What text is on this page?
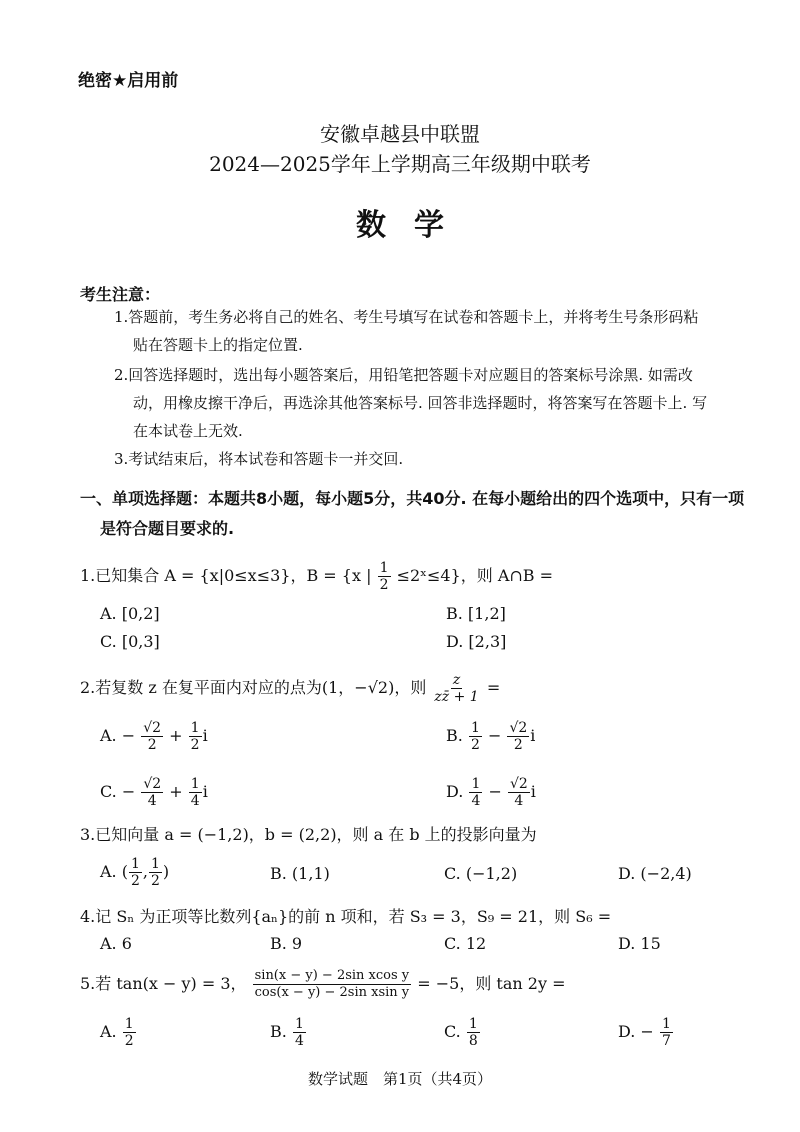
绝密★启用前
安徽卓越县中联盟
2024—2025学年上学期高三年级期中联考
数学
考生注意：
1.答题前，考生务必将自己的姓名、考生号填写在试卷和答题卡上，并将考生号条形码粘
贴在答题卡上的指定位置.
2.回答选择题时，选出每小题答案后，用铅笔把答题卡对应题目的答案标号涂黑. 如需改
动，用橡皮擦干净后，再选涂其他答案标号. 回答非选择题时，将答案写在答题卡上. 写
在本试卷上无效.
3.考试结束后，将本试卷和答题卡一并交回.
一、单项选择题：本题共8小题，每小题5分，共40分. 在每小题给出的四个选项中，只有一项
是符合题目要求的.
1.已知集合 A = {x|0≤x≤3}，B = {x | $\frac{1}{2}$ ≤2ˣ≤4}，则 A∩B =
A. [0,2]	B. [1,2]
C. [0,3]	D. [2,3]
2.若复数 z 在复平面内对应的点为(1，−√2)，则 $\frac{z}{zz̄ + 1}$ =
A. − $\frac{√2}{2} + \frac{1}{2}$ i	B. $\frac{1}{2} - \frac{√2}{2}$ i
C. − $\frac{√2}{4} + \frac{1}{4}$ i	D. $\frac{1}{4} - \frac{√2}{4}$ i
3.已知向量 a = (−1,2)，b = (2,2)，则 a 在 b 上的投影向量为
A. ( $\frac{1}{2}$ , $\frac{1}{2}$ )	B. (1,1)	C. (−1,2)	D. (−2,4)
4.记 Sₙ 为正项等比数列{aₙ}的前 n 项和，若 S₃ = 3，S₉ = 21，则 S₆ =
A. 6	B. 9	C. 12	D. 15
5.若 tan(x − y) = 3， $\frac{\text{sin(x − y) − 2sin xcos y}}{\text{cos(x − y) − 2sin xsin y}} = -5$，则 tan 2y =
A. $\frac{1}{2}$	B. $\frac{1}{4}$	C. $\frac{1}{8}$	D. − $\frac{1}{7}$
数学试题　第1页（共4页）
